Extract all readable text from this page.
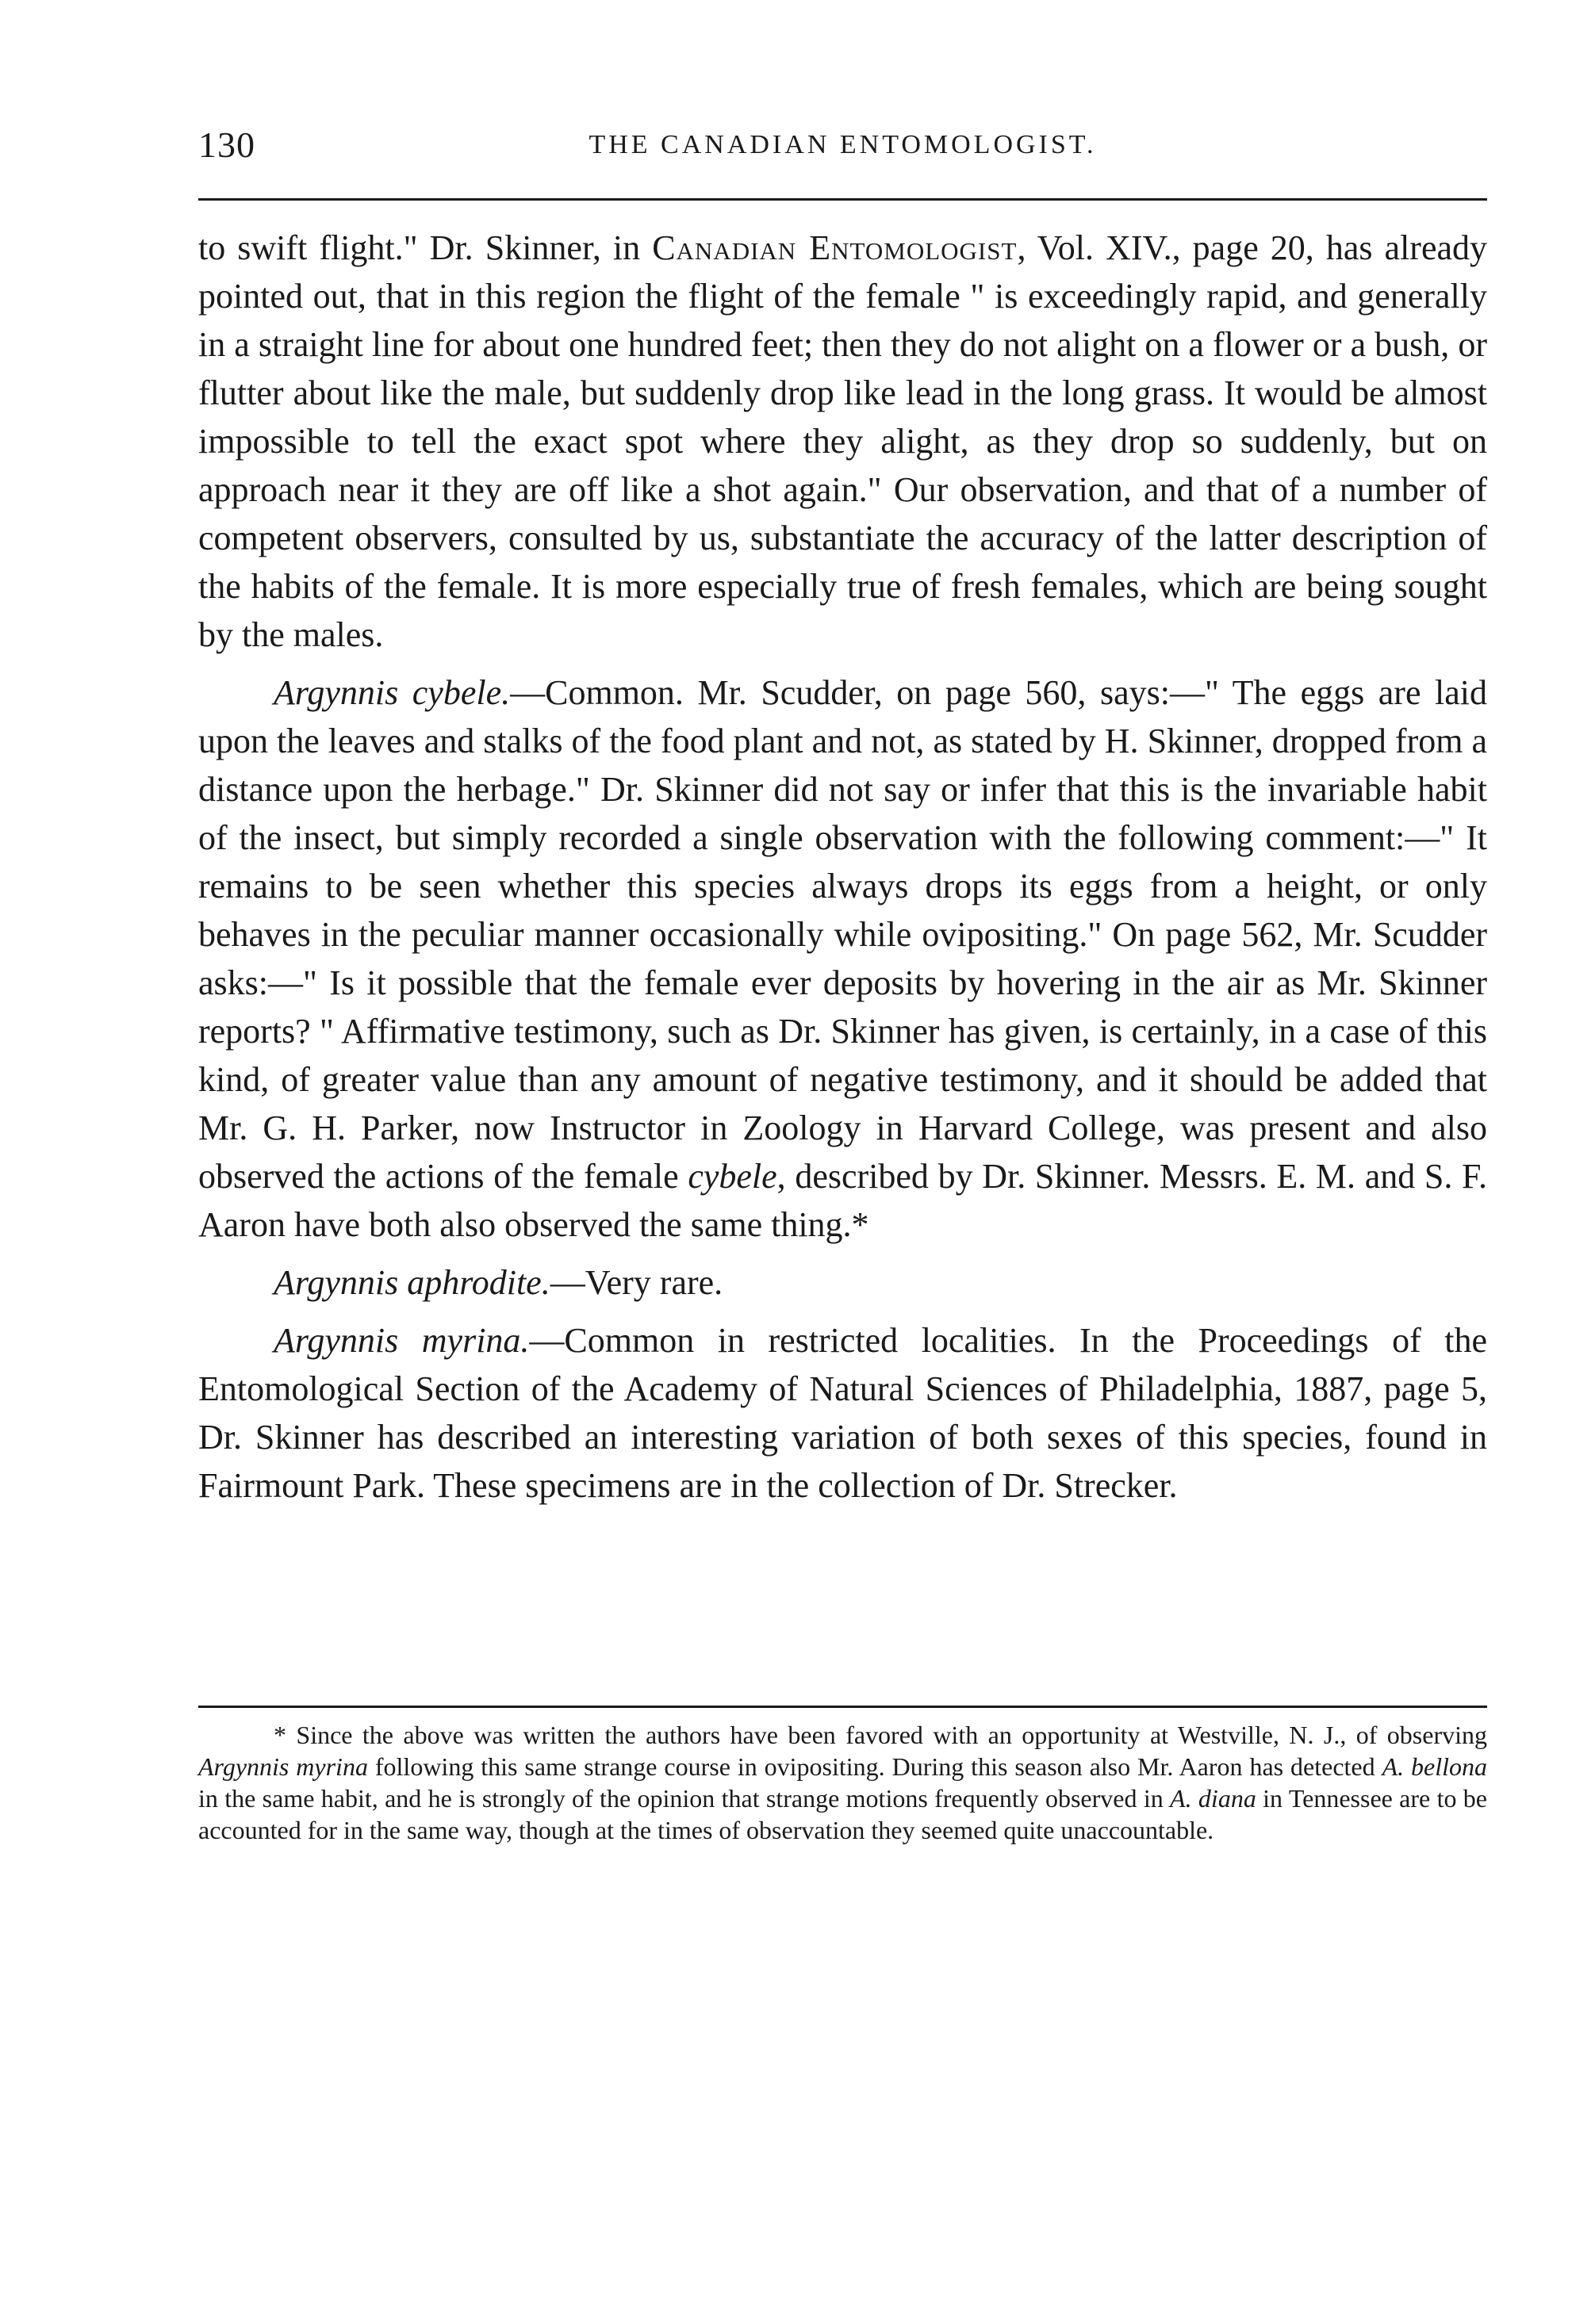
130	THE CANADIAN ENTOMOLOGIST.

to swift flight." Dr. Skinner, in Canadian Entomologist, Vol. XIV., page 20, has already pointed out, that in this region the flight of the female " is exceedingly rapid, and generally in a straight line for about one hundred feet; then they do not alight on a flower or a bush, or flutter about like the male, but suddenly drop like lead in the long grass. It would be almost impossible to tell the exact spot where they alight, as they drop so suddenly, but on approach near it they are off like a shot again." Our observation, and that of a number of competent observers, consulted by us, substantiate the accuracy of the latter description of the habits of the female. It is more especially true of fresh females, which are being sought by the males.

Argynnis cybele.—Common. Mr. Scudder, on page 560, says:—" The eggs are laid upon the leaves and stalks of the food plant and not, as stated by H. Skinner, dropped from a distance upon the herbage." Dr. Skinner did not say or infer that this is the invariable habit of the insect, but simply recorded a single observation with the following comment:—" It remains to be seen whether this species always drops its eggs from a height, or only behaves in the peculiar manner occasionally while ovipositing." On page 562, Mr. Scudder asks:—" Is it possible that the female ever deposits by hovering in the air as Mr. Skinner reports? " Affirmative testimony, such as Dr. Skinner has given, is certainly, in a case of this kind, of greater value than any amount of negative testimony, and it should be added that Mr. G. H. Parker, now Instructor in Zoology in Harvard College, was present and also observed the actions of the female cybele, described by Dr. Skinner. Messrs. E. M. and S. F. Aaron have both also observed the same thing.*

Argynnis aphrodite.—Very rare.

Argynnis myrina.—Common in restricted localities. In the Proceedings of the Entomological Section of the Academy of Natural Sciences of Philadelphia, 1887, page 5, Dr. Skinner has described an interesting variation of both sexes of this species, found in Fairmount Park. These specimens are in the collection of Dr. Strecker.

* Since the above was written the authors have been favored with an opportunity at Westville, N. J., of observing Argynnis myrina following this same strange course in ovipositing. During this season also Mr. Aaron has detected A. bellona in the same habit, and he is strongly of the opinion that strange motions frequently observed in A. diana in Tennessee are to be accounted for in the same way, though at the times of observation they seemed quite unaccountable.
